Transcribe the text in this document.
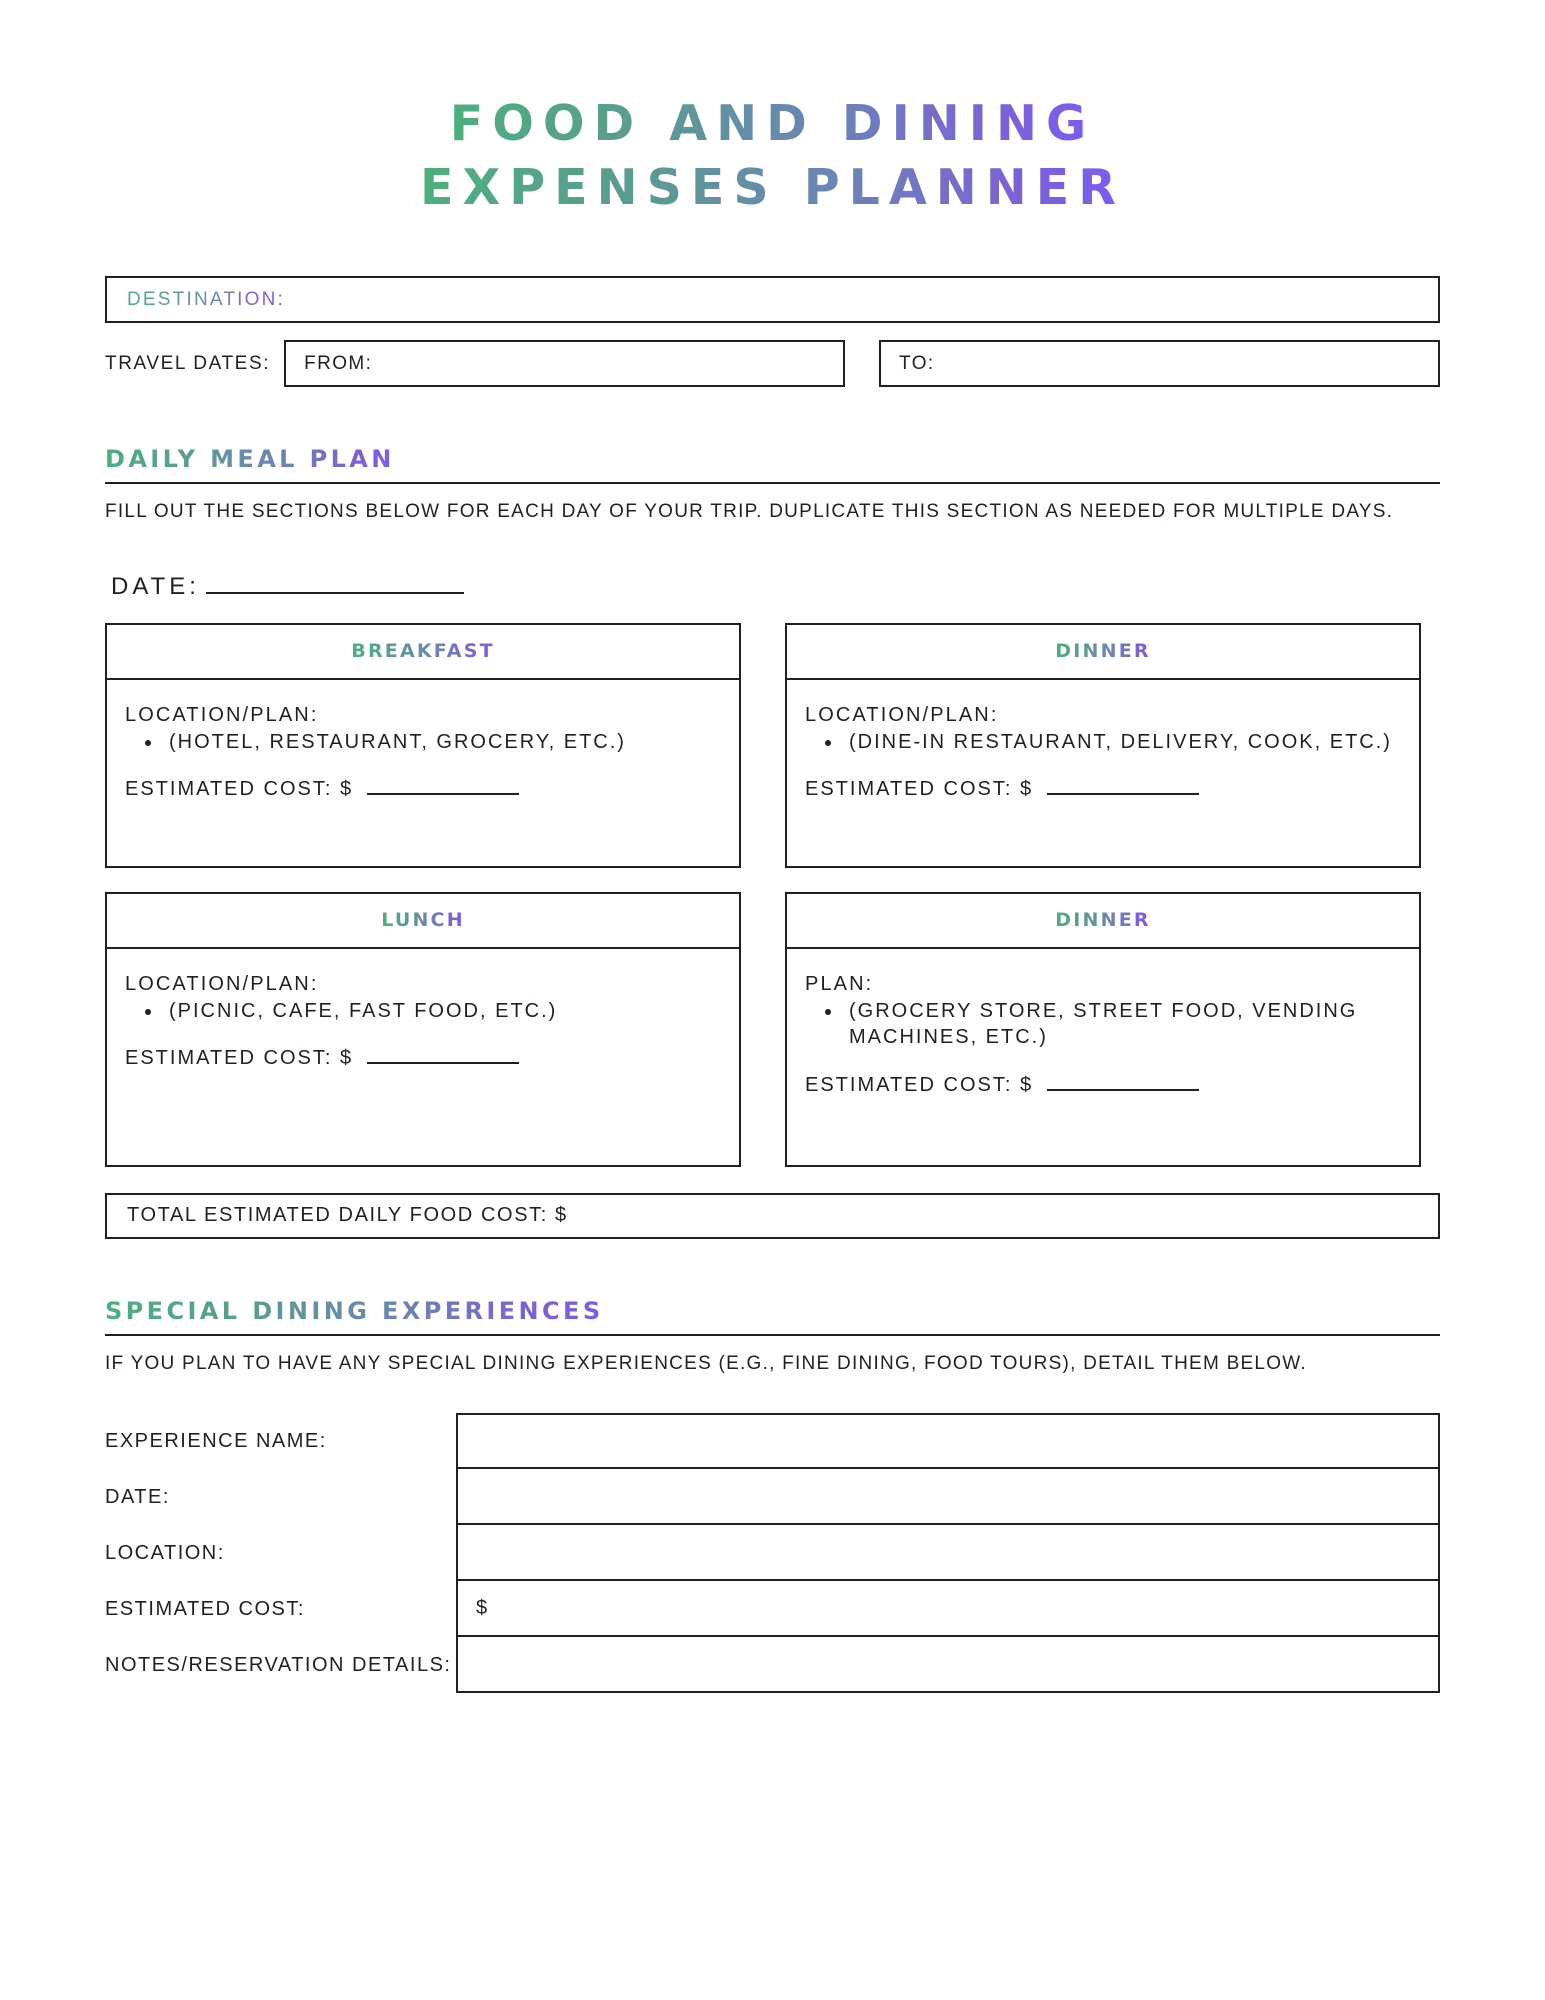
FOOD AND DINING
EXPENSES PLANNER
DESTINATION:
TRAVEL DATES:	FROM:	TO:
DAILY MEAL PLAN
FILL OUT THE SECTIONS BELOW FOR EACH DAY OF YOUR TRIP. DUPLICATE THIS SECTION AS NEEDED FOR MULTIPLE DAYS.
DATE:
BREAKFAST
LOCATION/PLAN:
• (HOTEL, RESTAURANT, GROCERY, ETC.)
ESTIMATED COST: $
DINNER
LOCATION/PLAN:
• (DINE-IN RESTAURANT, DELIVERY, COOK, ETC.)
ESTIMATED COST: $
LUNCH
LOCATION/PLAN:
• (PICNIC, CAFE, FAST FOOD, ETC.)
ESTIMATED COST: $
DINNER
PLAN:
• (GROCERY STORE, STREET FOOD, VENDING MACHINES, ETC.)
ESTIMATED COST: $
TOTAL ESTIMATED DAILY FOOD COST: $
SPECIAL DINING EXPERIENCES
IF YOU PLAN TO HAVE ANY SPECIAL DINING EXPERIENCES (E.G., FINE DINING, FOOD TOURS), DETAIL THEM BELOW.
EXPERIENCE NAME:
DATE:
LOCATION:
ESTIMATED COST:	$
NOTES/RESERVATION DETAILS:
